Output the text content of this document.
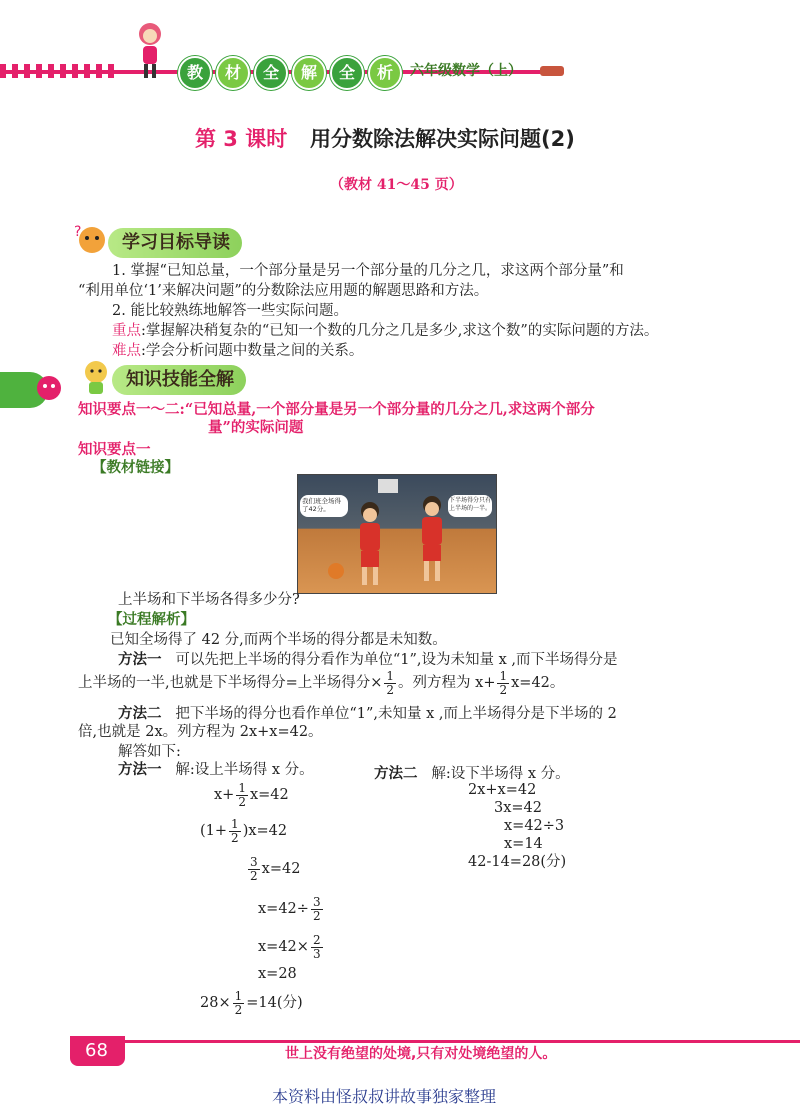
教	材	全	解	全	析	六年级数学（上）
第 3 课时 用分数除法解决实际问题(2)
（教材 41～45 页）
?	学习目标导读
1. 掌握“已知总量，一个部分量是另一个部分量的几分之几，求这两个部分量”和
“利用单位‘1’来解决问题”的分数除法应用题的解题思路和方法。
2. 能比较熟练地解答一些实际问题。
重点:掌握解决稍复杂的“已知一个数的几分之几是多少,求这个数”的实际问题的方法。
难点:学会分析问题中数量之间的关系。
知识技能全解
知识要点一～二:“已知总量,一个部分量是另一个部分量的几分之几,求这两个部分
量”的实际问题
知识要点一
【教材链接】
我们班全场得了42分。
下半场得分只有上半场的一半。
上半场和下半场各得多少分?
【过程解析】
已知全场得了 42 分,而两个半场的得分都是未知数。
方法一 可以先把上半场的得分看作为单位“1”,设为未知量 x ,而下半场得分是
上半场的一半,也就是下半场得分=上半场得分× $\frac{1}{2}$ 。列方程为 $x+ \frac{1}{2} x=42$。
方法二 把下半场的得分也看作单位“1”,未知量 x ,而上半场得分是下半场的 2
倍,也就是 2x。列方程为 2x+x=42。
解答如下:
方法一 解:设上半场得 x 分。
$x+ \frac{1}{2} x=42$
$(1+ \frac{1}{2} )x=42$
$\frac{3}{2} x=42$
$x=42\div \frac{3}{2}$
$x=42\times \frac{2}{3}$
x=28
$28\times \frac{1}{2} =14$(分)
方法二 解:设下半场得 x 分。
2x+x=42
3x=42
x=42÷3
x=14
42-14=28(分)
68	世上没有绝望的处境,只有对处境绝望的人。
本资料由怪叔叔讲故事独家整理
